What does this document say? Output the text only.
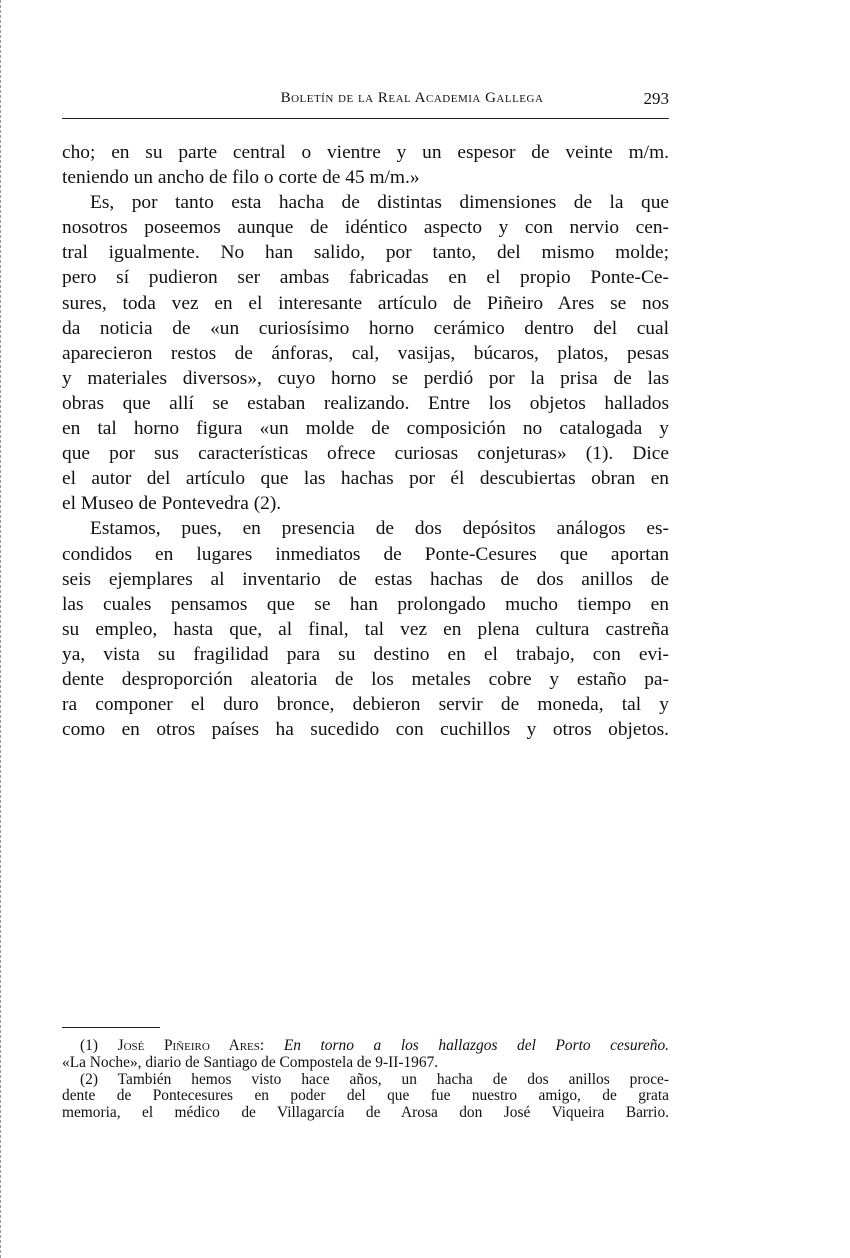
Boletín de la Real Academia Gallega	293
cho; en su parte central o vientre y un espesor de veinte m/m.
teniendo un ancho de filo o corte de 45 m/m.»
Es, por tanto esta hacha de distintas dimensiones de la que
nosotros poseemos aunque de idéntico aspecto y con nervio cen-
tral igualmente. No han salido, por tanto, del mismo molde;
pero sí pudieron ser ambas fabricadas en el propio Ponte-Ce-
sures, toda vez en el interesante artículo de Piñeiro Ares se nos
da noticia de «un curiosísimo horno cerámico dentro del cual
aparecieron restos de ánforas, cal, vasijas, búcaros, platos, pesas
y materiales diversos», cuyo horno se perdió por la prisa de las
obras que allí se estaban realizando. Entre los objetos hallados
en tal horno figura «un molde de composición no catalogada y
que por sus características ofrece curiosas conjeturas» (1). Dice
el autor del artículo que las hachas por él descubiertas obran en
el Museo de Pontevedra (2).
Estamos, pues, en presencia de dos depósitos análogos es-
condidos en lugares inmediatos de Ponte-Cesures que aportan
seis ejemplares al inventario de estas hachas de dos anillos de
las cuales pensamos que se han prolongado mucho tiempo en
su empleo, hasta que, al final, tal vez en plena cultura castreña
ya, vista su fragilidad para su destino en el trabajo, con evi-
dente desproporción aleatoria de los metales cobre y estaño pa-
ra componer el duro bronce, debieron servir de moneda, tal y
como en otros países ha sucedido con cuchillos y otros objetos.
(1) José Piñeiro Ares: En torno a los hallazgos del Porto cesureño.
«La Noche», diario de Santiago de Compostela de 9-II-1967.
(2) También hemos visto hace años, un hacha de dos anillos proce-
dente de Pontecesures en poder del que fue nuestro amigo, de grata
memoria, el médico de Villagarcía de Arosa don José Viqueira Barrio.
